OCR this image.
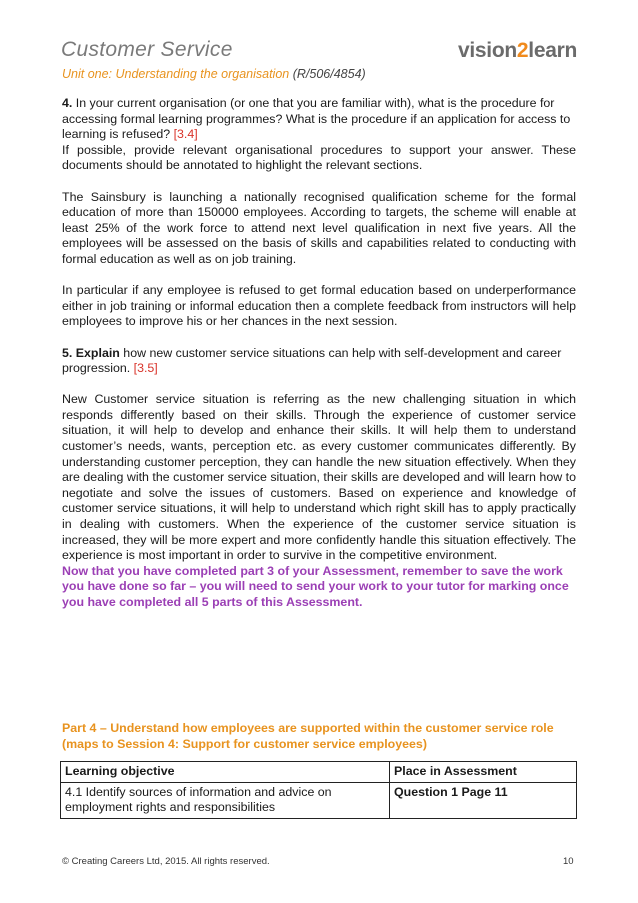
Customer Service
Unit one: Understanding the organisation (R/506/4854)
vision2learn

4. In your current organisation (or one that you are familiar with), what is the procedure for accessing formal learning programmes? What is the procedure if an application for access to learning is refused? [3.4]

If possible, provide relevant organisational procedures to support your answer. These documents should be annotated to highlight the relevant sections.

The Sainsbury is launching a nationally recognised qualification scheme for the formal education of more than 150000 employees. According to targets, the scheme will enable at least 25% of the work force to attend next level qualification in next five years. All the employees will be assessed on the basis of skills and capabilities related to conducting with formal education as well as on job training.

In particular if any employee is refused to get formal education based on underperformance either in job training or informal education then a complete feedback from instructors will help employees to improve his or her chances in the next session.

5. Explain how new customer service situations can help with self-development and career progression. [3.5]

New Customer service situation is referring as the new challenging situation in which responds differently based on their skills. Through the experience of customer service situation, it will help to develop and enhance their skills. It will help them to understand customer’s needs, wants, perception etc. as every customer communicates differently. By understanding customer perception, they can handle the new situation effectively. When they are dealing with the customer service situation, their skills are developed and will learn how to negotiate and solve the issues of customers. Based on experience and knowledge of customer service situations, it will help to understand which right skill has to apply practically in dealing with customers. When the experience of the customer service situation is increased, they will be more expert and more confidently handle this situation effectively. The experience is most important in order to survive in the competitive environment.

Now that you have completed part 3 of your Assessment, remember to save the work you have done so far – you will need to send your work to your tutor for marking once you have completed all 5 parts of this Assessment.

Part 4 – Understand how employees are supported within the customer service role (maps to Session 4: Support for customer service employees)
Learning objective	Place in Assessment
4.1 Identify sources of information and advice on employment rights and responsibilities	Question 1 Page 11
© Creating Careers Ltd, 2015. All rights reserved.	10
